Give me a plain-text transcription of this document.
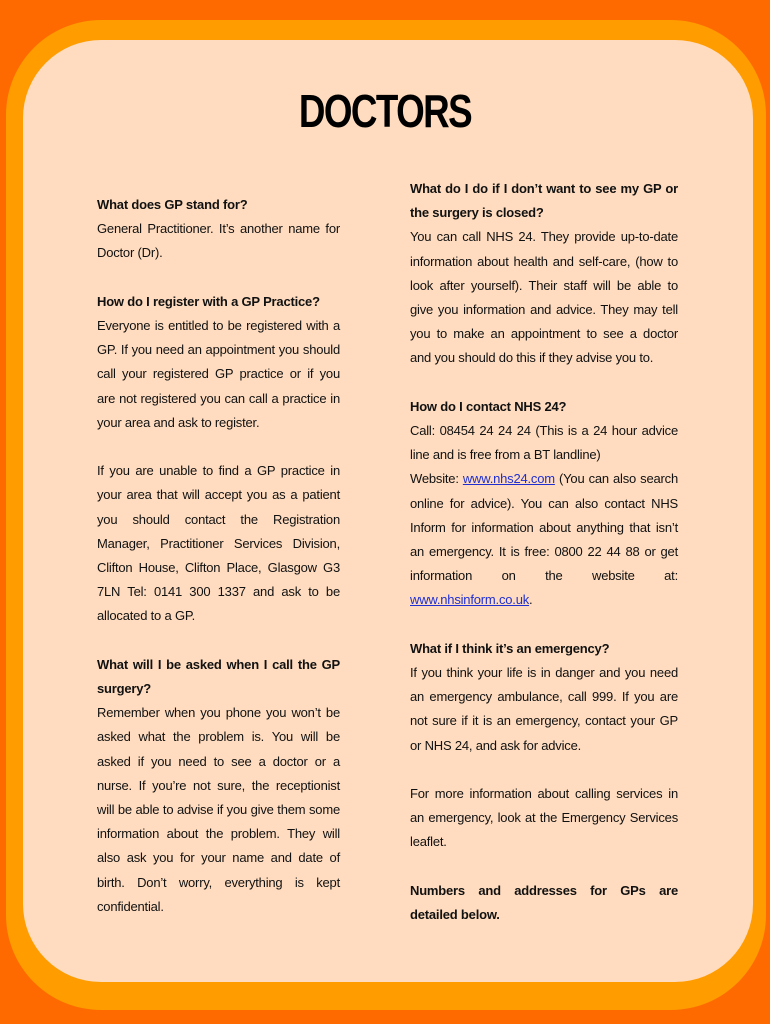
DOCTORS

What does GP stand for?
General Practitioner. It’s another name for Doctor (Dr).

How do I register with a GP Practice?
Everyone is entitled to be registered with a GP. If you need an appointment you should call your registered GP practice or if you are not registered you can call a practice in your area and ask to register.

If you are unable to find a GP practice in your area that will accept you as a patient you should contact the Registration Manager, Practitioner Services Division, Clifton House, Clifton Place, Glasgow G3 7LN Tel: 0141 300 1337 and ask to be allocated to a GP.

What will I be asked when I call the GP surgery?
Remember when you phone you won’t be asked what the problem is. You will be asked if you need to see a doctor or a nurse. If you’re not sure, the receptionist will be able to advise if you give them some information about the problem. They will also ask you for your name and date of birth. Don’t worry, everything is kept confidential.

What do I do if I don’t want to see my GP or the surgery is closed?
You can call NHS 24. They provide up-to-date information about health and self-care, (how to look after yourself). Their staff will be able to give you information and advice. They may tell you to make an appointment to see a doctor and you should do this if they advise you to.

How do I contact NHS 24?
Call: 08454 24 24 24 (This is a 24 hour advice line and is free from a BT landline)
Website: www.nhs24.com (You can also search online for advice). You can also contact NHS Inform for information about anything that isn’t an emergency. It is free: 0800 22 44 88 or get information on the website at: www.nhsinform.co.uk.

What if I think it’s an emergency?
If you think your life is in danger and you need an emergency ambulance, call 999. If you are not sure if it is an emergency, contact your GP or NHS 24, and ask for advice.

For more information about calling services in an emergency, look at the Emergency Services leaflet.

Numbers and addresses for GPs are detailed below.
